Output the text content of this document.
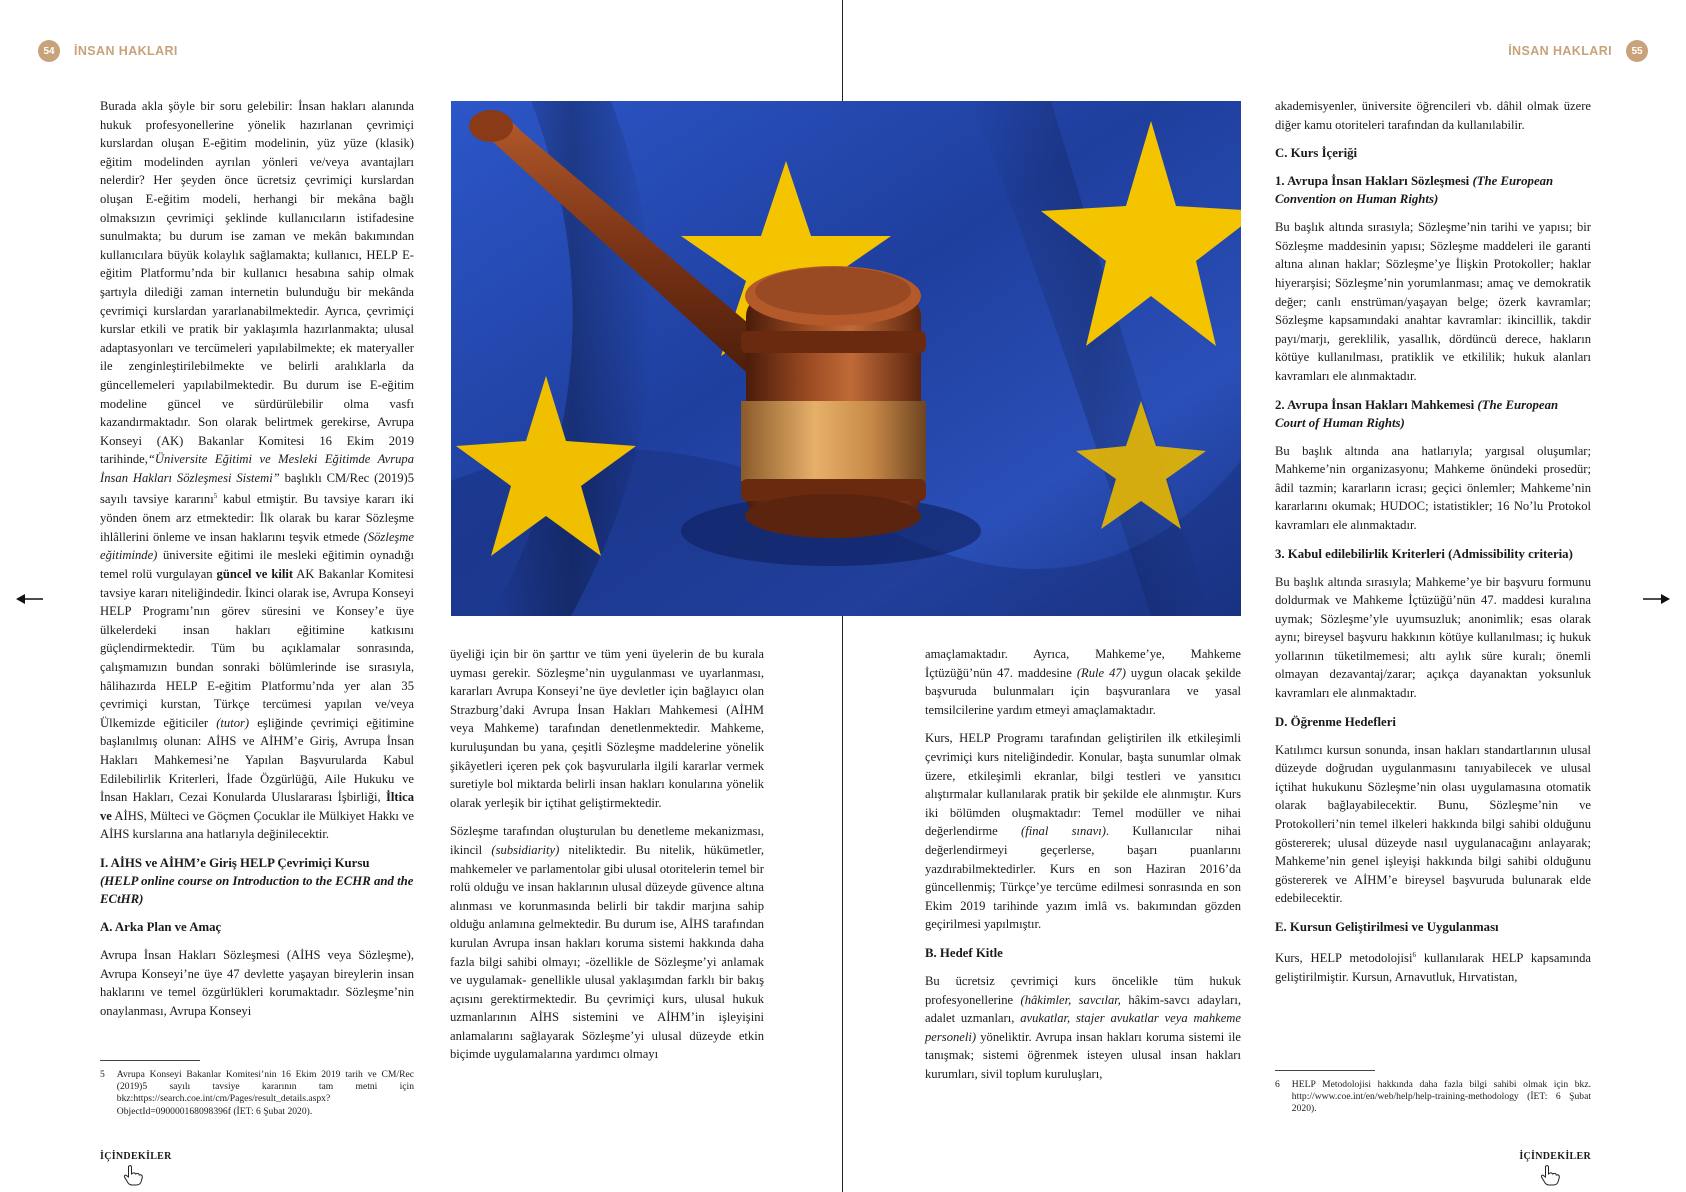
54	İNSAN HAKLARI	55
İNSAN HAKLARI

Burada akla şöyle bir soru gelebilir: İnsan hakları alanında hukuk profesyonellerine yönelik hazırlanan çevrimiçi kurslardan oluşan E-eğitim modelinin, yüz yüze (klasik) eğitim modelinden ayrılan yönleri ve/veya avantajları nelerdir? Her şeyden önce ücretsiz çevrimiçi kurslardan oluşan E-eğitim modeli, herhangi bir mekâna bağlı olmaksızın çevrimiçi şeklinde kullanıcıların istifadesine sunulmakta; bu durum ise zaman ve mekân bakımından kullanıcılara büyük kolaylık sağlamakta; kullanıcı, HELP E-eğitim Platformu’nda bir kullanıcı hesabına sahip olmak şartıyla dilediği zaman internetin bulunduğu bir mekânda çevrimiçi kurslardan yararlanabilmektedir. Ayrıca, çevrimiçi kurslar etkili ve pratik bir yaklaşımla hazırlanmakta; ulusal adaptasyonları ve tercümeleri yapılabilmekte; ek materyaller ile zenginleştirilebilmekte ve belirli aralıklarla da güncellemeleri yapılabilmektedir. Bu durum ise E-eğitim modeline güncel ve sürdürülebilir olma vasfı kazandırmaktadır. Son olarak belirtmek gerekirse, Avrupa Konseyi (AK) Bakanlar Komitesi 16 Ekim 2019 tarihinde,“Üniversite Eğitimi ve Mesleki Eğitimde Avrupa İnsan Hakları Sözleşmesi Sistemi” başlıklı CM/Rec (2019)5 sayılı tavsiye kararını$^5$ kabul etmiştir. Bu tavsiye kararı iki yönden önem arz etmektedir: İlk olarak bu karar Sözleşme ihlâllerini önleme ve insan haklarını teşvik etmede (Sözleşme eğitiminde) üniversite eğitimi ile mesleki eğitimin oynadığı temel rolü vurgulayan güncel ve kilit AK Bakanlar Komitesi tavsiye kararı niteliğindedir. İkinci olarak ise, Avrupa Konseyi HELP Programı’nın görev süresini ve Konsey’e üye ülkelerdeki insan hakları eğitimine katkısını güçlendirmektedir. Tüm bu açıklamalar sonrasında, çalışmamızın bundan sonraki bölümlerinde ise sırasıyla, hâlihazırda HELP E-eğitim Platformu’nda yer alan 35 çevrimiçi kurstan, Türkçe tercümesi yapılan ve/veya Ülkemizde eğiticiler (tutor) eşliğinde çevrimiçi eğitimine başlanılmış olunan: AİHS ve AİHM’e Giriş, Avrupa İnsan Hakları Mahkemesi’ne Yapılan Başvurularda Kabul Edilebilirlik Kriterleri, İfade Özgürlüğü, Aile Hukuku ve İnsan Hakları, Cezai Konularda Uluslararası İşbirliği, İltica ve AİHS, Mülteci ve Göçmen Çocuklar ile Mülkiyet Hakkı ve AİHS kurslarına ana hatlarıyla değinilecektir.

I. AİHS ve AİHM’e Giriş HELP Çevrimiçi Kursu
(HELP online course on Introduction to the ECHR and the ECtHR)
A. Arka Plan ve Amaç

Avrupa İnsan Hakları Sözleşmesi (AİHS veya Sözleşme), Avrupa Konseyi’ne üye 47 devlette yaşayan bireylerin insan haklarını ve temel özgürlükleri korumaktadır. Sözleşme’nin onaylanması, Avrupa Konseyi

5 Avrupa Konseyi Bakanlar Komitesi’nin 16 Ekim 2019 tarih ve CM/Rec (2019)5 sayılı tavsiye kararının tam metni için bkz:https://search.coe.int/cm/Pages/result_details.aspx?ObjectId=090000168098396f (İET: 6 Şubat 2020).

üyeliği için bir ön şarttır ve tüm yeni üyelerin de bu kurala uyması gerekir. Sözleşme’nin uygulanması ve uyarlanması, kararları Avrupa Konseyi’ne üye devletler için bağlayıcı olan Strazburg’daki Avrupa İnsan Hakları Mahkemesi (AİHM veya Mahkeme) tarafından denetlenmektedir. Mahkeme, kuruluşundan bu yana, çeşitli Sözleşme maddelerine yönelik şikâyetleri içeren pek çok başvurularla ilgili kararlar vermek suretiyle bol miktarda belirli insan hakları konularına yönelik olarak yerleşik bir içtihat geliştirmektedir.

Sözleşme tarafından oluşturulan bu denetleme mekanizması, ikincil (subsidiarity) niteliktedir. Bu nitelik, hükümetler, mahkemeler ve parlamentolar gibi ulusal otoritelerin temel bir rolü olduğu ve insan haklarının ulusal düzeyde güvence altına alınması ve korunmasında belirli bir takdir marjına sahip olduğu anlamına gelmektedir. Bu durum ise, AİHS tarafından kurulan Avrupa insan hakları koruma sistemi hakkında daha fazla bilgi sahibi olmayı; -özellikle de Sözleşme’yi anlamak ve uygulamak- genellikle ulusal yaklaşımdan farklı bir bakış açısını gerektirmektedir. Bu çevrimiçi kurs, ulusal hukuk uzmanlarının AİHS sistemini ve AİHM’in işleyişini anlamalarını sağlayarak Sözleşme’yi ulusal düzeyde etkin biçimde uygulamalarına yardımcı olmayı

amaçlamaktadır. Ayrıca, Mahkeme’ye, Mahkeme İçtüzüğü’nün 47. maddesine (Rule 47) uygun olacak şekilde başvuruda bulunmaları için başvuranlara ve yasal temsilcilerine yardım etmeyi amaçlamaktadır.

Kurs, HELP Programı tarafından geliştirilen ilk etkileşimli çevrimiçi kurs niteliğindedir. Konular, başta sunumlar olmak üzere, etkileşimli ekranlar, bilgi testleri ve yansıtıcı alıştırmalar kullanılarak pratik bir şekilde ele alınmıştır. Kurs iki bölümden oluşmaktadır: Temel modüller ve nihai değerlendirme (final sınavı). Kullanıcılar nihai değerlendirmeyi geçerlerse, başarı puanlarını yazdırabilmektedirler. Kurs en son Haziran 2016’da güncellenmiş; Türkçe’ye tercüme edilmesi sonrasında en son Ekim 2019 tarihinde yazım imlâ vs. bakımından gözden geçirilmesi yapılmıştır.

B. Hedef Kitle

Bu ücretsiz çevrimiçi kurs öncelikle tüm hukuk profesyonellerine (hâkimler, savcılar, hâkim-savcı adayları, adalet uzmanları, avukatlar, stajer avukatlar veya mahkeme personeli) yöneliktir. Avrupa insan hakları koruma sistemi ile tanışmak; sistemi öğrenmek isteyen ulusal insan hakları kurumları, sivil toplum kuruluşları,

akademisyenler, üniversite öğrencileri vb. dâhil olmak üzere diğer kamu otoriteleri tarafından da kullanılabilir.

C. Kurs İçeriği
1. Avrupa İnsan Hakları Sözleşmesi (The European Convention on Human Rights)

Bu başlık altında sırasıyla; Sözleşme’nin tarihi ve yapısı; bir Sözleşme maddesinin yapısı; Sözleşme maddeleri ile garanti altına alınan haklar; Sözleşme’ye İlişkin Protokoller; haklar hiyerarşisi; Sözleşme’nin yorumlanması; amaç ve demokratik değer; canlı enstrüman/yaşayan belge; özerk kavramlar; Sözleşme kapsamındaki anahtar kavramlar: ikincillik, takdir payı/marjı, gereklilik, yasallık, dördüncü derece, hakların kötüye kullanılması, pratiklik ve etkililik; hukuk alanları kavramları ele alınmaktadır.

2. Avrupa İnsan Hakları Mahkemesi (The European Court of Human Rights)

Bu başlık altında ana hatlarıyla; yargısal oluşumlar; Mahkeme’nin organizasyonu; Mahkeme önündeki prosedür; âdil tazmin; kararların icrası; geçici önlemler; Mahkeme’nin kararlarını okumak; HUDOC; istatistikler; 16 No’lu Protokol kavramları ele alınmaktadır.

3. Kabul edilebilirlik Kriterleri (Admissibility criteria)

Bu başlık altında sırasıyla; Mahkeme’ye bir başvuru formunu doldurmak ve Mahkeme İçtüzüğü’nün 47. maddesi kuralına uymak; Sözleşme’yle uyumsuzluk; anonimlik; esas olarak aynı; bireysel başvuru hakkının kötüye kullanılması; iç hukuk yollarının tüketilmemesi; altı aylık süre kuralı; önemli olmayan dezavantaj/zarar; açıkça dayanaktan yoksunluk kavramları ele alınmaktadır.

D. Öğrenme Hedefleri

Katılımcı kursun sonunda, insan hakları standartlarının ulusal düzeyde doğrudan uygulanmasını tanıyabilecek ve ulusal içtihat hukukunu Sözleşme’nin olası uygulamasına otomatik olarak bağlayabilecektir. Bunu, Sözleşme’nin ve Protokolleri’nin temel ilkeleri hakkında bilgi sahibi olduğunu göstererek; ulusal düzeyde nasıl uygulanacağını anlayarak; Mahkeme’nin genel işleyişi hakkında bilgi sahibi olduğunu göstererek ve AİHM’e bireysel başvuruda bulunarak elde edebilecektir.

E. Kursun Geliştirilmesi ve Uygulanması

Kurs, HELP metodolojisi$^6$ kullanılarak HELP kapsamında geliştirilmiştir. Kursun, Arnavutluk, Hırvatistan,

6 HELP Metodolojisi hakkında daha fazla bilgi sahibi olmak için bkz. http://www.coe.int/en/web/help/help-training-methodology (İET: 6 Şubat 2020).
İÇİNDEKİLER	İÇİNDEKİLER
